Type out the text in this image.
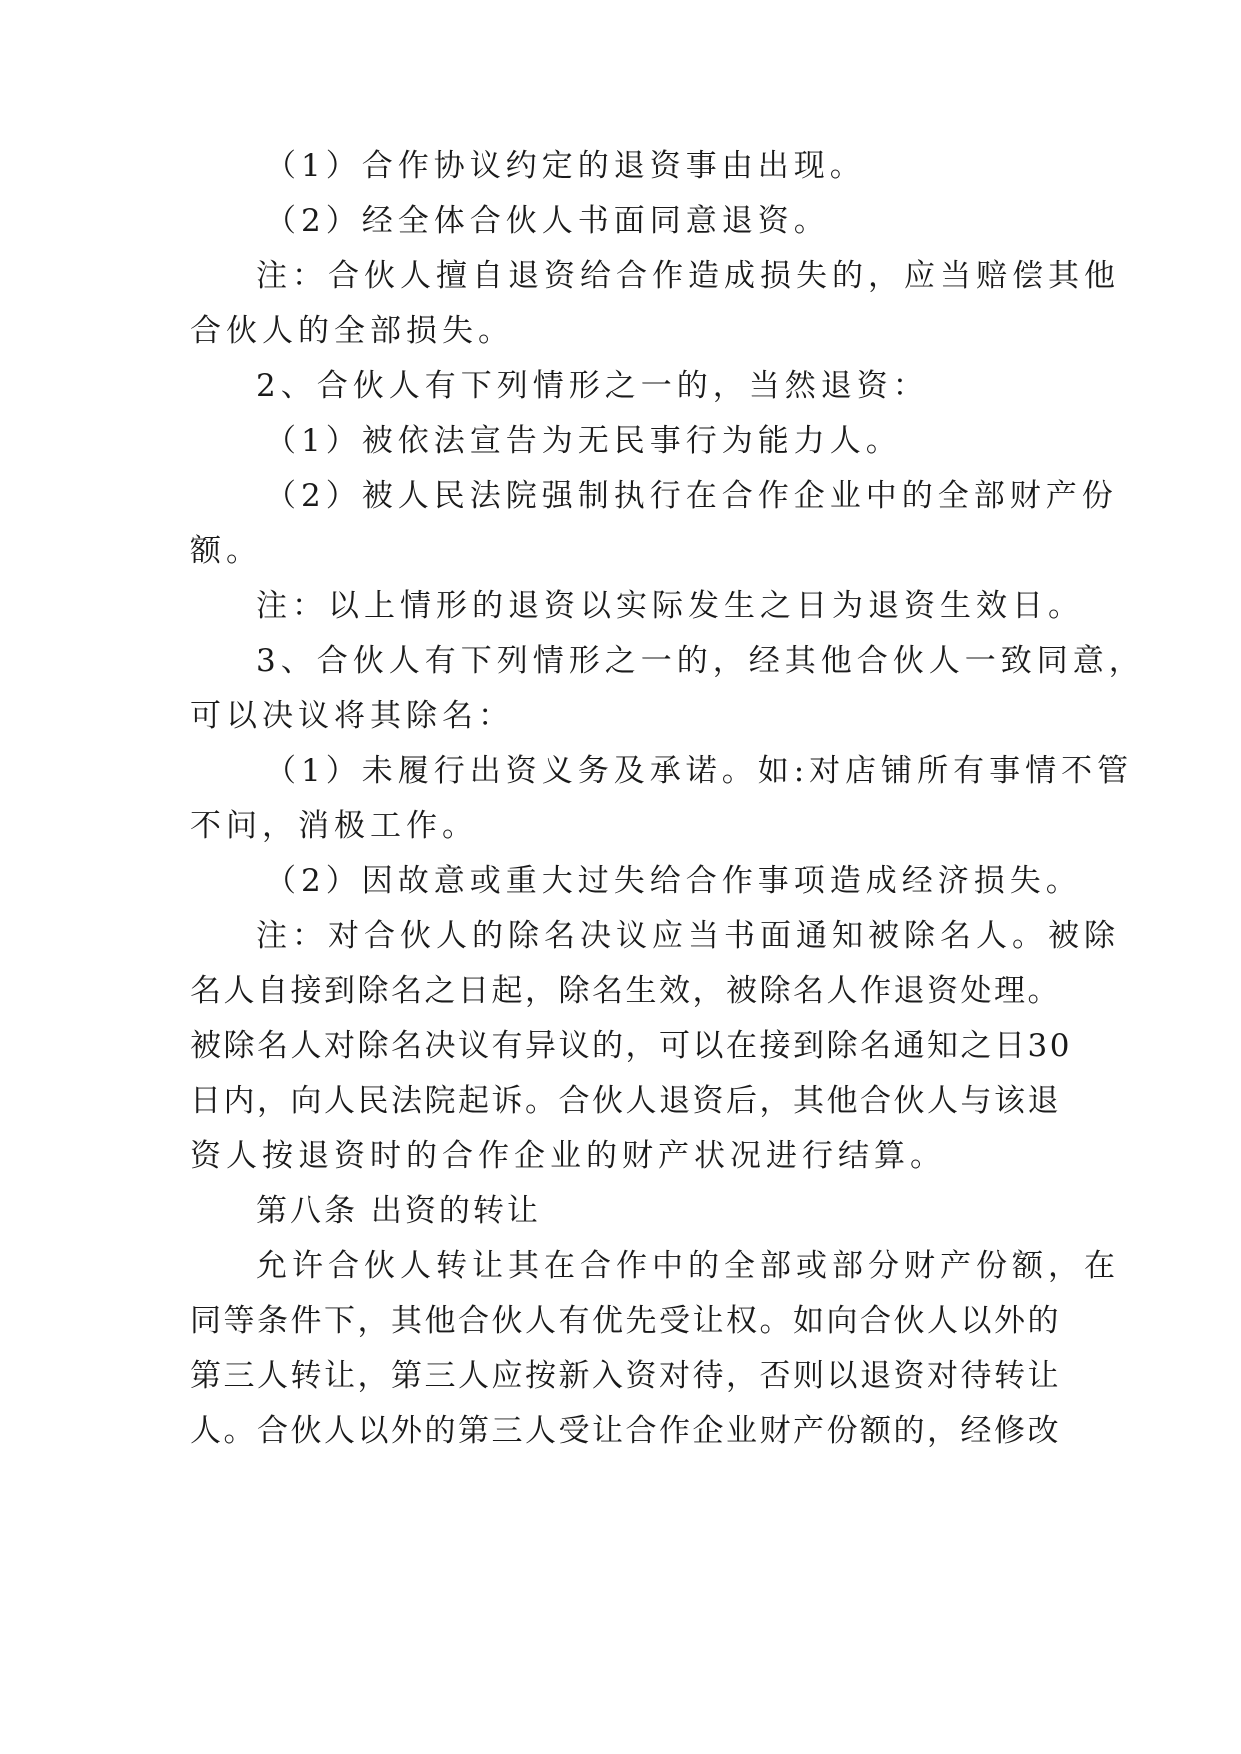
（1）合作协议约定的退资事由出现。
（2）经全体合伙人书面同意退资。
注：合伙人擅自退资给合作造成损失的，应当赔偿其他
合伙人的全部损失。
2、合伙人有下列情形之一的，当然退资：
（1）被依法宣告为无民事行为能力人。
（2）被人民法院强制执行在合作企业中的全部财产份
额。
注：以上情形的退资以实际发生之日为退资生效日。
3、合伙人有下列情形之一的，经其他合伙人一致同意，
可以决议将其除名：
（1）未履行出资义务及承诺。如:对店铺所有事情不管
不问，消极工作。
（2）因故意或重大过失给合作事项造成经济损失。
注：对合伙人的除名决议应当书面通知被除名人。被除
名人自接到除名之日起，除名生效，被除名人作退资处理。
被除名人对除名决议有异议的，可以在接到除名通知之日30
日内，向人民法院起诉。合伙人退资后，其他合伙人与该退
资人按退资时的合作企业的财产状况进行结算。
第八条 出资的转让
允许合伙人转让其在合作中的全部或部分财产份额，在
同等条件下，其他合伙人有优先受让权。如向合伙人以外的
第三人转让，第三人应按新入资对待，否则以退资对待转让
人。合伙人以外的第三人受让合作企业财产份额的，经修改
